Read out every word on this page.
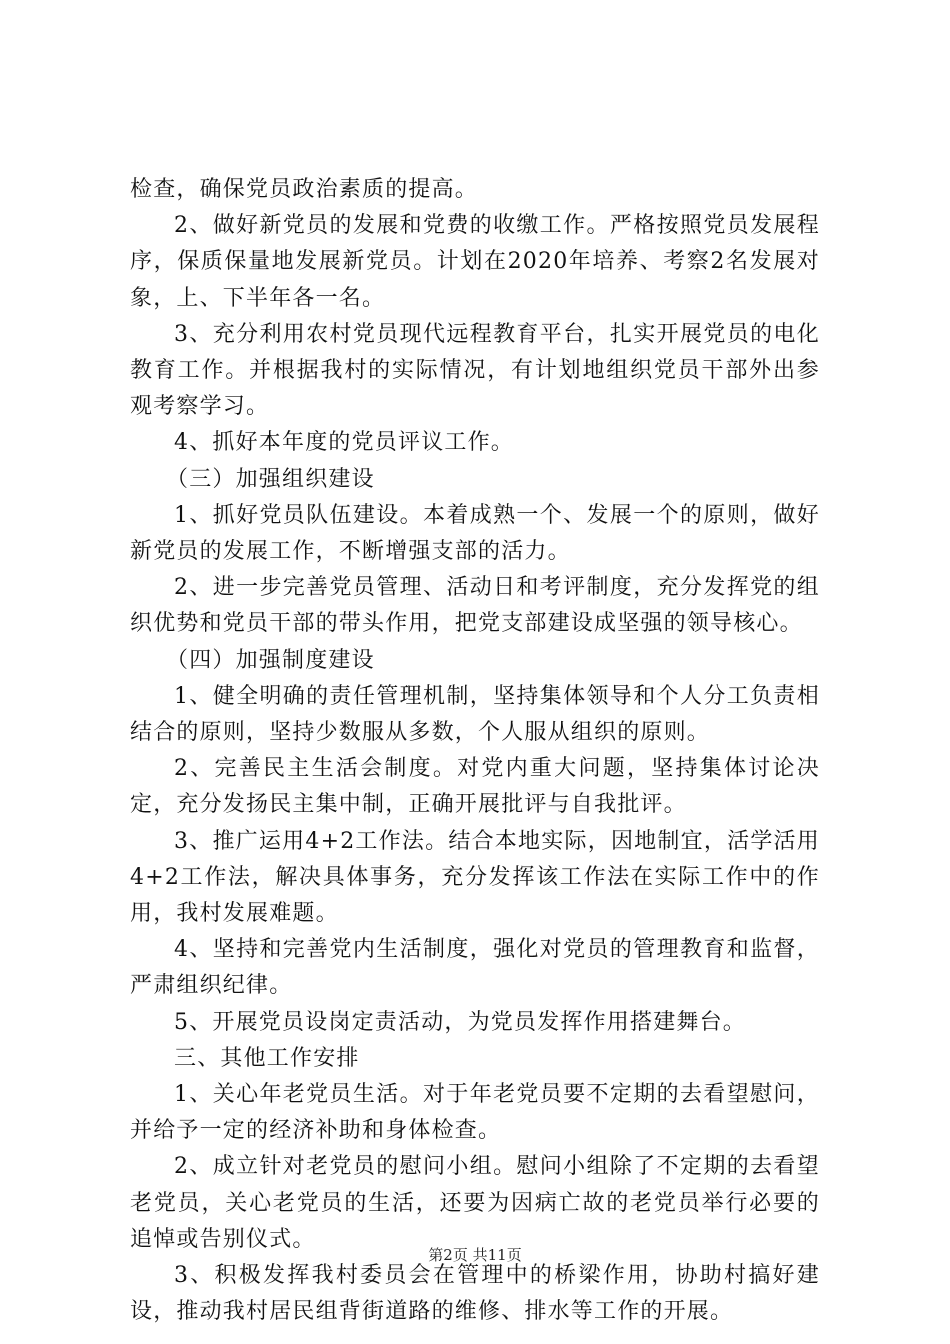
检查，确保党员政治素质的提高。

2、做好新党员的发展和党费的收缴工作。严格按照党员发展程序，保质保量地发展新党员。计划在2020年培养、考察2名发展对象，上、下半年各一名。

3、充分利用农村党员现代远程教育平台，扎实开展党员的电化教育工作。并根据我村的实际情况，有计划地组织党员干部外出参观考察学习。

4、抓好本年度的党员评议工作。

（三）加强组织建设

1、抓好党员队伍建设。本着成熟一个、发展一个的原则，做好新党员的发展工作，不断增强支部的活力。

2、进一步完善党员管理、活动日和考评制度，充分发挥党的组织优势和党员干部的带头作用，把党支部建设成坚强的领导核心。

（四）加强制度建设

1、健全明确的责任管理机制，坚持集体领导和个人分工负责相结合的原则，坚持少数服从多数，个人服从组织的原则。

2、完善民主生活会制度。对党内重大问题，坚持集体讨论决定，充分发扬民主集中制，正确开展批评与自我批评。

3、推广运用4+2工作法。结合本地实际，因地制宜，活学活用4+2工作法，解决具体事务，充分发挥该工作法在实际工作中的作用，我村发展难题。

4、坚持和完善党内生活制度，强化对党员的管理教育和监督，严肃组织纪律。

5、开展党员设岗定责活动，为党员发挥作用搭建舞台。

三、其他工作安排

1、关心年老党员生活。对于年老党员要不定期的去看望慰问，并给予一定的经济补助和身体检查。

2、成立针对老党员的慰问小组。慰问小组除了不定期的去看望老党员，关心老党员的生活，还要为因病亡故的老党员举行必要的追悼或告别仪式。

3、积极发挥我村委员会在管理中的桥梁作用，协助村搞好建设，推动我村居民组背街道路的维修、排水等工作的开展。

第2页 共11页
